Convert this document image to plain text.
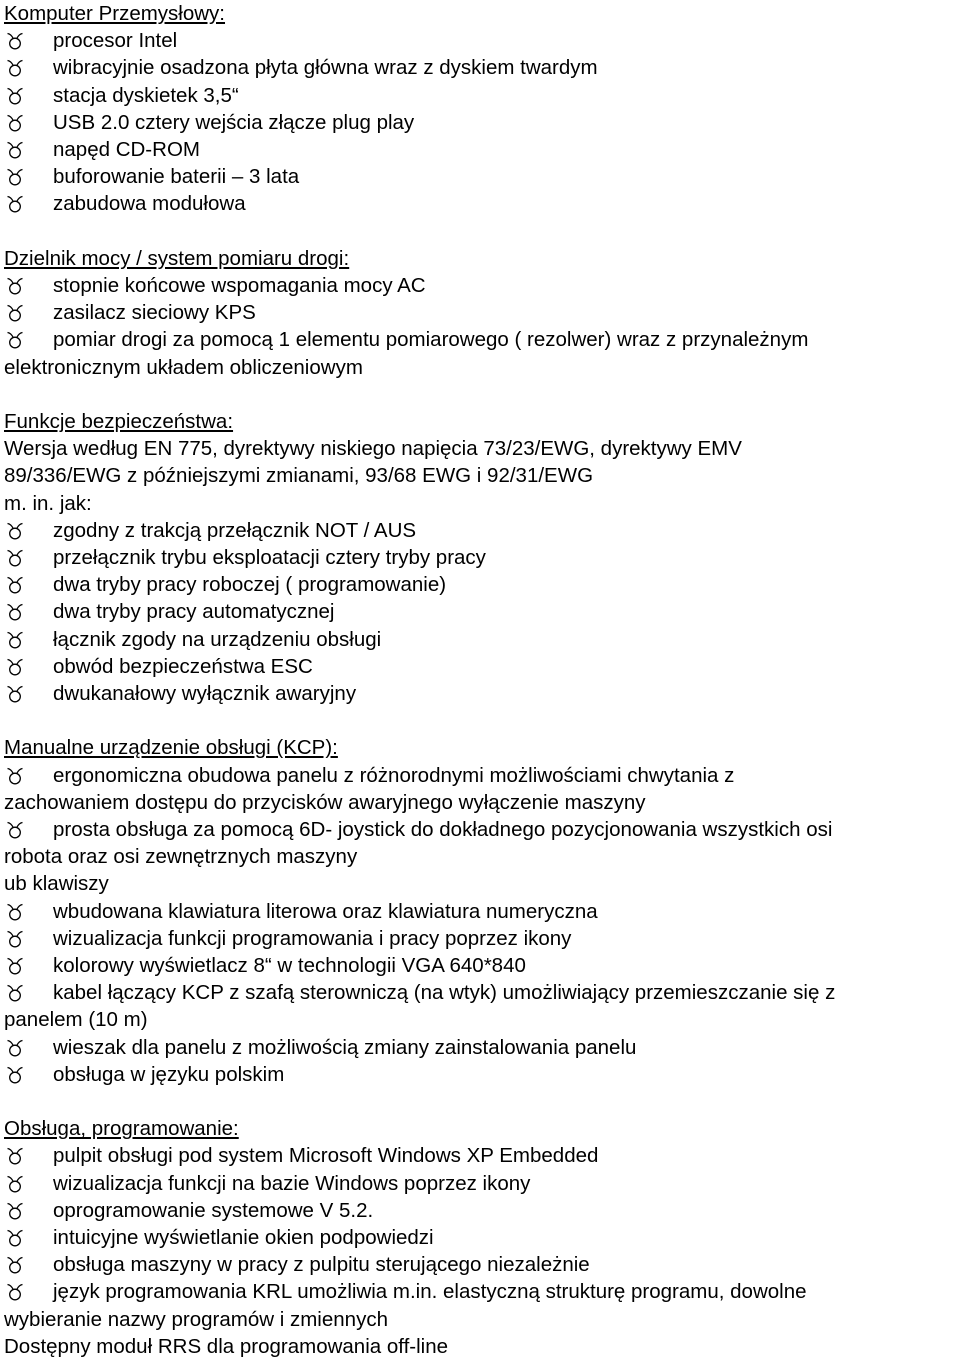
Komputer Przemysłowy:
procesor Intel
wibracyjnie osadzona płyta główna wraz z dyskiem twardym
stacja dyskietek 3,5“
USB 2.0 cztery wejścia złącze plug play
napęd CD-ROM
buforowanie baterii – 3 lata
zabudowa modułowa
Dzielnik mocy / system pomiaru drogi:
stopnie końcowe wspomagania mocy AC
zasilacz sieciowy KPS
pomiar drogi za pomocą 1 elementu pomiarowego ( rezolwer) wraz z przynależnym
elektronicznym układem obliczeniowym
Funkcje bezpieczeństwa:
Wersja według EN 775, dyrektywy niskiego napięcia 73/23/EWG, dyrektywy EMV
89/336/EWG z późniejszymi zmianami, 93/68 EWG i 92/31/EWG
m. in. jak:
zgodny z trakcją przełącznik NOT / AUS
przełącznik trybu eksploatacji cztery tryby pracy
dwa tryby pracy roboczej ( programowanie)
dwa tryby pracy automatycznej
łącznik zgody na urządzeniu obsługi
obwód bezpieczeństwa ESC
dwukanałowy wyłącznik awaryjny
Manualne urządzenie obsługi (KCP):
ergonomiczna obudowa panelu z różnorodnymi możliwościami chwytania z
zachowaniem dostępu do przycisków awaryjnego wyłączenie maszyny
prosta obsługa za pomocą 6D- joystick do dokładnego pozycjonowania wszystkich osi
robota oraz osi zewnętrznych maszyny
ub klawiszy
wbudowana klawiatura literowa oraz klawiatura numeryczna
wizualizacja funkcji programowania i pracy poprzez ikony
kolorowy wyświetlacz 8“ w technologii VGA 640*840
kabel łączący KCP z szafą sterowniczą (na wtyk) umożliwiający przemieszczanie się z
panelem (10 m)
wieszak dla panelu z możliwością zmiany zainstalowania panelu
obsługa w języku polskim
Obsługa, programowanie:
pulpit obsługi pod system Microsoft Windows XP Embedded
wizualizacja funkcji na bazie Windows poprzez ikony
oprogramowanie systemowe V 5.2.
intuicyjne wyświetlanie okien podpowiedzi
obsługa maszyny w pracy z pulpitu sterującego niezależnie
język programowania KRL umożliwia m.in. elastyczną strukturę programu, dowolne
wybieranie nazwy programów i zmiennych
Dostępny moduł RRS dla programowania off-line
